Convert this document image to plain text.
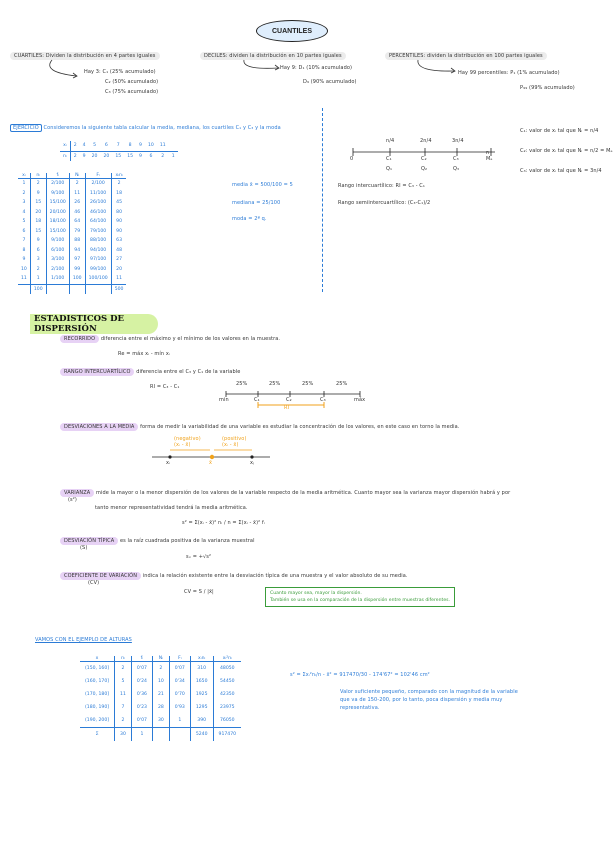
CUANTILES
CUARTILES: Dividen la distribución en 4 partes iguales
Hay 3: C₁ (25% acumulado)
C₂ (50% acumulado)
C₃ (75% acumulado)
DECILES: dividen la distribución en 10 partes iguales
Hay 9: D₁ (10% acumulado)
D₉ (90% acumulado)
PERCENTILES: dividen la distribución en 100 partes iguales
Hay 99 percentiles: P₁ (1% acumulado)
P₉₉ (99% acumulado)
EJERCICIO Consideremos la siguiente tabla calcular la media, mediana, los cuartiles C₁ y C₃ y la moda
xᵢ	2	4	5	6	7	8	9	10	11	
nᵢ	2	9	20	20	15	15	9	6	2	1
xᵢ	nᵢ	fᵢ	Nᵢ	Fᵢ	xᵢnᵢ
1	2	2/100	2	2/100	2
2	9	9/100	11	11/100	18
3	15	15/100	26	26/100	45
4	20	20/100	46	46/100	80
5	18	18/100	64	64/100	90
6	15	15/100	79	79/100	90
7	9	9/100	88	88/100	63
8	6	6/100	94	94/100	48
9	3	3/100	97	97/100	27
10	2	2/100	99	99/100	20
11	1	1/100	100	100/100	11
	100				500
media x̄ = 500/100 = 5
mediana = 25/100
moda = 2ª q.
n/4	2n/4	3n/4
0
n
C₁	C₂	C₃	Mₑ
Q₁	Q₂	Q₃
Rango intercuartílico: RI = C₃ - C₁
Rango semiintercuartílico: (C₃-C₁)/2
C₁: valor de xᵢ tal que Nᵢ = n/4
C₂: valor de xᵢ tal que Nᵢ = n/2 = Mₑ
C₃: valor de xᵢ tal que Nᵢ = 3n/4
ESTADISTICOS DE DISPERSIÓN
RECORRIDO diferencia entre el máximo y el mínimo de los valores en la muestra.
Re = máx xᵢ - mín xᵢ
RANGO INTERCUARTÍLICO diferencia entre el C₃ y C₁ de la variable
RI = C₃ - C₁	25%	25%	25%	25%
min	C₁	C₂	C₃	máx
RI
DESVIACIONES A LA MEDIA forma de medir la variabilidad de una variable es estudiar la concentración de los valores, en este caso en torno la media.
(negativo)	(positivo)
(xᵢ - x̄)	(xᵢ - x̄)
xᵢ	x̄	xⱼ
VARIANZA mide la mayor o la menor dispersión de los valores de la variable respecto de la media aritmética. Cuanto mayor sea la varianza mayor dispersión habrá y por
(s²)
tanto menor representatividad tendrá la media aritmética.
s² = Σ(xᵢ - x̄)² nᵢ / n = Σ(xᵢ - x̄)² fᵢ
DESVIACIÓN TÍPICA es la raíz cuadrada positiva de la varianza muestral
(S)
sₓ = +√s²
COEFICIENTE DE VARIACIÓN indica la relación existente entre la desviación típica de una muestra y el valor absoluto de su media.
(CV)
CV = S / |x̄|	Cuanto mayor sea, mayor la dispersión.
También se usa en la comparación de la dispersión entre muestras diferentes.
VAMOS CON EL EJEMPLO DE ALTURAS
x	nᵢ	fᵢ	Nᵢ	Fᵢ	xᵢnᵢ	xᵢ²nᵢ
(150, 160]	2	0'07	2	0'07	310	48050
(160, 170]	5	0'24	10	0'34	1650	54450
(170, 180]	11	0'36	21	0'70	1925	42350
(180, 190]	7	0'23	28	0'93	1295	23975
(190, 200]	2	0'07	30	1	390	76050
Σ	30	1			5240	917470
s² = Σxᵢ²nᵢ/n - x̄² = 917470/30 - 174'67² = 102'46 cm²
Valor suficiente pequeño, comparado con la magnitud de la variable
que va de 150-200, por lo tanto, poca dispersión y media muy
representativa.
